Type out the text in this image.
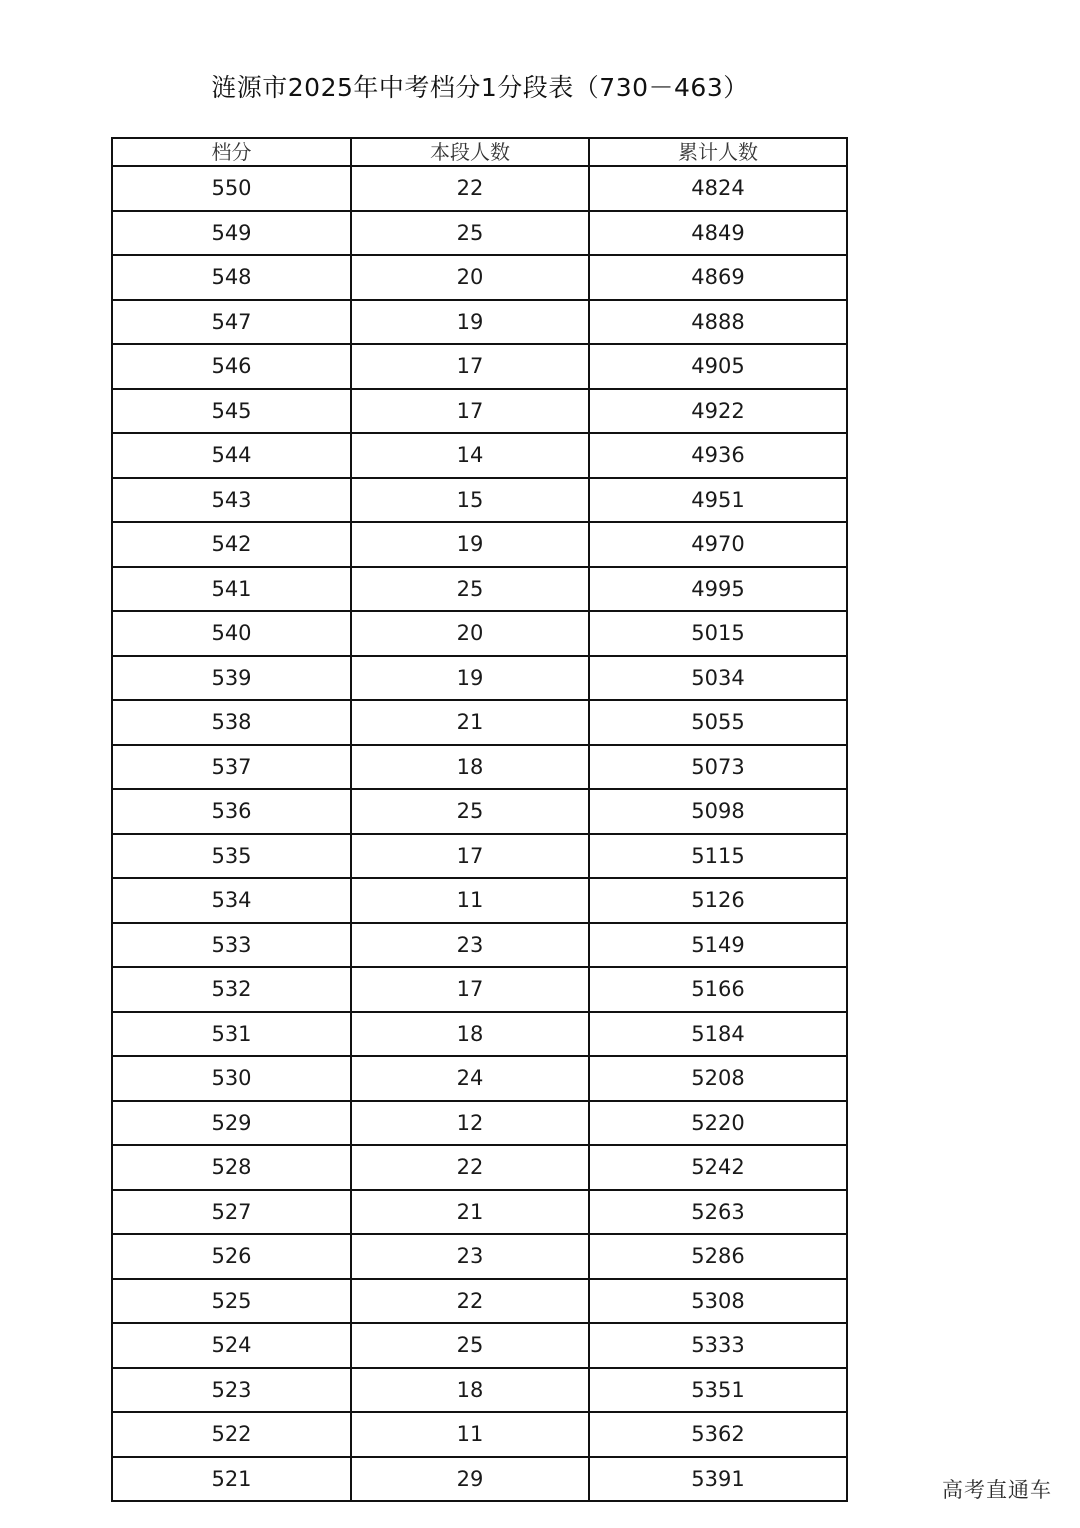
涟源市2025年中考档分1分段表（730－463）
档分	本段人数	累计人数
550	22	4824
549	25	4849
548	20	4869
547	19	4888
546	17	4905
545	17	4922
544	14	4936
543	15	4951
542	19	4970
541	25	4995
540	20	5015
539	19	5034
538	21	5055
537	18	5073
536	25	5098
535	17	5115
534	11	5126
533	23	5149
532	17	5166
531	18	5184
530	24	5208
529	12	5220
528	22	5242
527	21	5263
526	23	5286
525	22	5308
524	25	5333
523	18	5351
522	11	5362
521	29	5391	高考直通车
